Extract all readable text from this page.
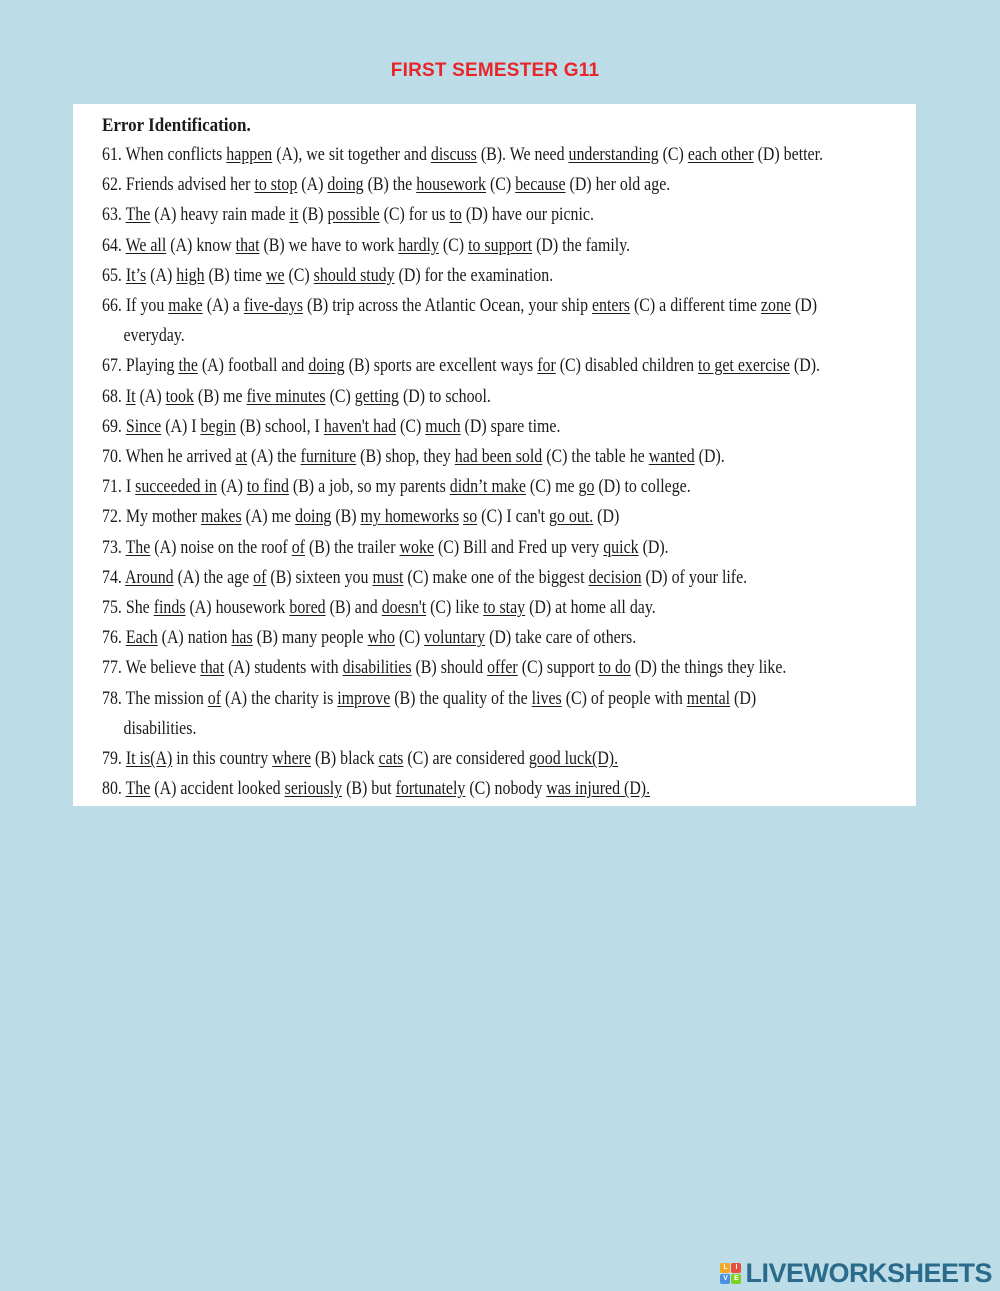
FIRST SEMESTER G11
Error Identification.
61. When conflicts happen (A), we sit together and discuss (B). We need understanding (C) each other (D) better.
62. Friends advised her to stop (A) doing (B) the housework (C) because (D) her old age.
63. The (A) heavy rain made it (B) possible (C) for us to (D) have our picnic.
64. We all (A) know that (B) we have to work hardly (C) to support (D) the family.
65. It’s (A) high (B) time we (C) should study (D) for the examination.
66. If you make (A) a five-days (B) trip across the Atlantic Ocean, your ship enters (C) a different time zone (D)
everyday.
67. Playing the (A) football and doing (B) sports are excellent ways for (C) disabled children to get exercise (D).
68. It (A) took (B) me five minutes (C) getting (D) to school.
69. Since (A) I begin (B) school, I haven't had (C) much (D) spare time.
70. When he arrived at (A) the furniture (B) shop, they had been sold (C) the table he wanted (D).
71. I succeeded in (A) to find (B) a job, so my parents didn’t make (C) me go (D) to college.
72. My mother makes (A) me doing (B) my homeworks so (C) I can't go out. (D)
73. The (A) noise on the roof of (B) the trailer woke (C) Bill and Fred up very quick (D).
74. Around (A) the age of (B) sixteen you must (C) make one of the biggest decision (D) of your life.
75. She finds (A) housework bored (B) and doesn't (C) like to stay (D) at home all day.
76. Each (A) nation has (B) many people who (C) voluntary (D) take care of others.
77. We believe that (A) students with disabilities (B) should offer (C) support to do (D) the things they like.
78. The mission of (A) the charity is improve (B) the quality of the lives (C) of people with mental (D)
disabilities.
79. It is(A) in this country where (B) black cats (C) are considered good luck(D).
80. The (A) accident looked seriously (B) but fortunately (C) nobody was injured (D).
L	I
V E LIVEWORKSHEETS
